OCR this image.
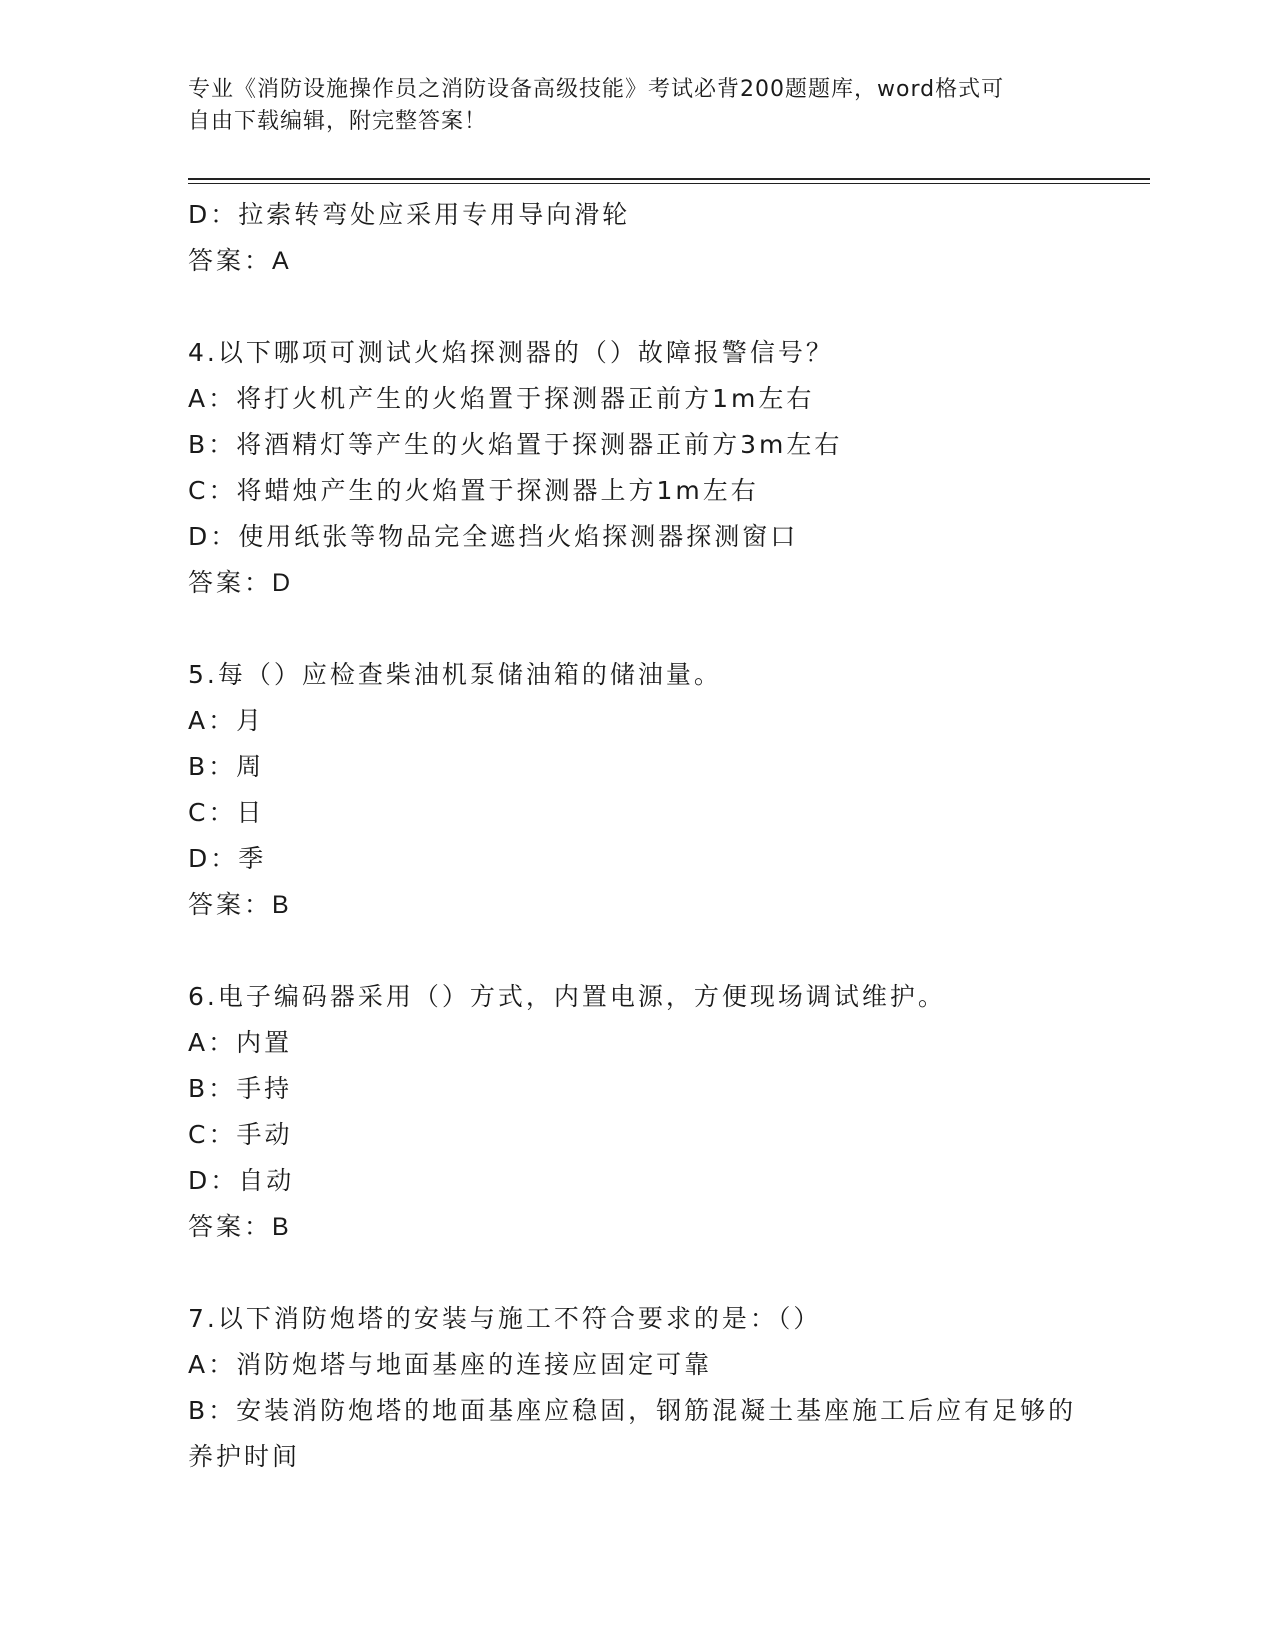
专业《消防设施操作员之消防设备高级技能》考试必背200题题库，word格式可
自由下载编辑，附完整答案！
D：拉索转弯处应采用专用导向滑轮
答案：A
4.以下哪项可测试火焰探测器的（）故障报警信号？
A：将打火机产生的火焰置于探测器正前方1m左右
B：将酒精灯等产生的火焰置于探测器正前方3m左右
C：将蜡烛产生的火焰置于探测器上方1m左右
D：使用纸张等物品完全遮挡火焰探测器探测窗口
答案：D
5.每（）应检查柴油机泵储油箱的储油量。
A：月
B：周
C：日
D：季
答案：B
6.电子编码器采用（）方式，内置电源，方便现场调试维护。
A：内置
B：手持
C：手动
D：自动
答案：B
7.以下消防炮塔的安装与施工不符合要求的是：（）
A：消防炮塔与地面基座的连接应固定可靠
B：安装消防炮塔的地面基座应稳固，钢筋混凝土基座施工后应有足够的养护时间
